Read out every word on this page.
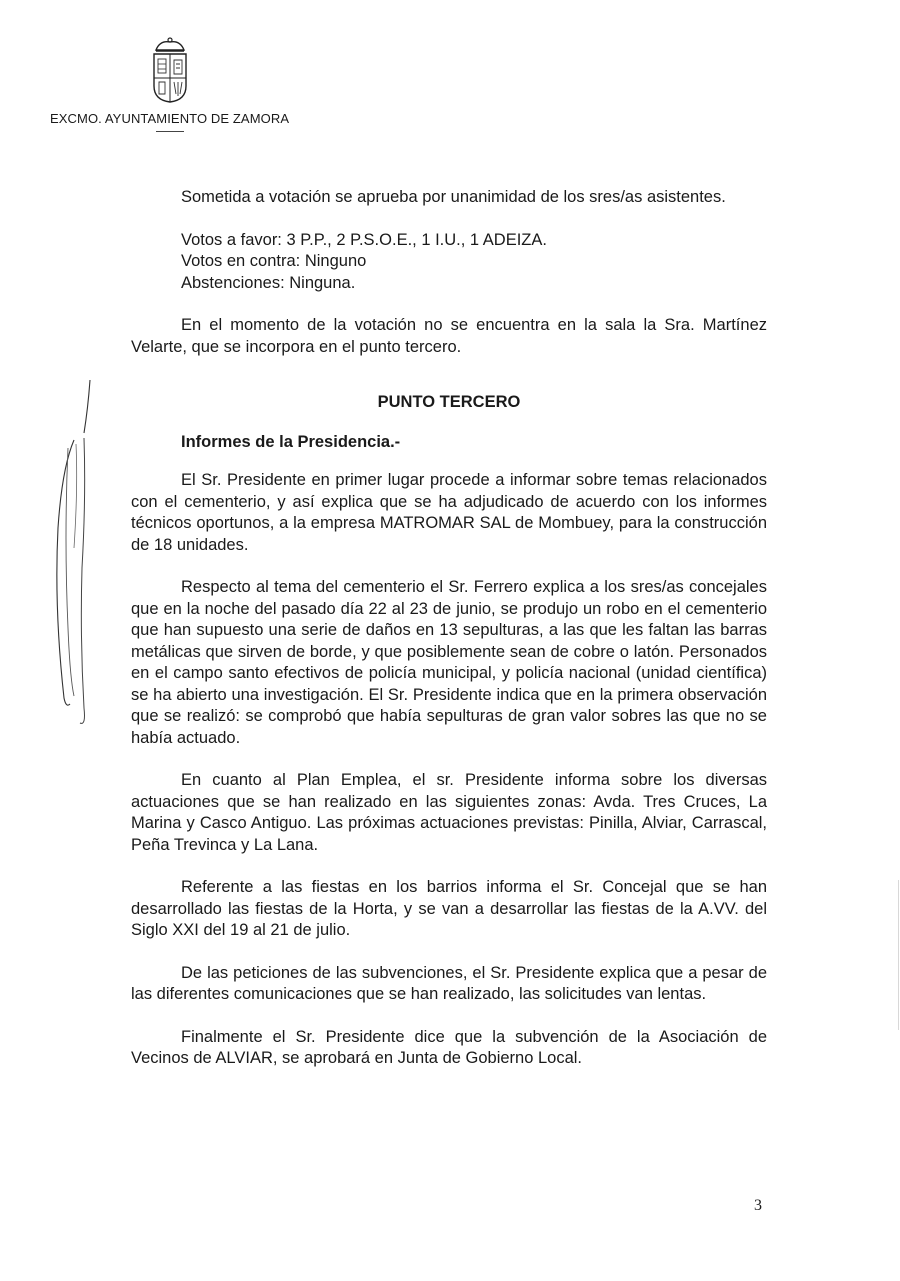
EXCMO. AYUNTAMIENTO DE ZAMORA

Sometida a votación se aprueba por unanimidad de los sres/as asistentes.

Votos a favor: 3 P.P., 2 P.S.O.E., 1 I.U., 1 ADEIZA.
Votos en contra: Ninguno
Abstenciones: Ninguna.

En el momento de la votación no se encuentra en la sala la Sra. Martínez Velarte, que se incorpora en el punto tercero.

PUNTO TERCERO
Informes de la Presidencia.-

El Sr. Presidente en primer lugar procede a informar sobre temas relacionados con el cementerio, y así explica que se ha adjudicado de acuerdo con los informes técnicos oportunos, a la empresa MATROMAR SAL de Mombuey, para la construcción de 18 unidades.

Respecto al tema del cementerio el Sr. Ferrero explica a los sres/as concejales que en la noche del pasado día 22 al 23 de junio, se produjo un robo en el cementerio que han supuesto una serie de daños en 13 sepulturas, a las que les faltan las barras metálicas que sirven de borde, y que posiblemente sean de cobre o latón. Personados en el campo santo efectivos de policía municipal, y policía nacional (unidad científica) se ha abierto una investigación. El Sr. Presidente indica que en la primera observación que se realizó: se comprobó que había sepulturas de gran valor sobres las que no se había actuado.

En cuanto al Plan Emplea, el sr. Presidente informa sobre los diversas actuaciones que se han realizado en las siguientes zonas: Avda. Tres Cruces, La Marina y Casco Antiguo. Las próximas actuaciones previstas: Pinilla, Alviar, Carrascal, Peña Trevinca y La Lana.

Referente a las fiestas en los barrios informa el Sr. Concejal que se han desarrollado las fiestas de la Horta, y se van a desarrollar las fiestas de la A.VV. del Siglo XXI del 19 al 21 de julio.

De las peticiones de las subvenciones, el Sr. Presidente explica que a pesar de las diferentes comunicaciones que se han realizado, las solicitudes van lentas.

Finalmente el Sr. Presidente dice que la subvención de la Asociación de Vecinos de ALVIAR, se aprobará en Junta de Gobierno Local.

3
